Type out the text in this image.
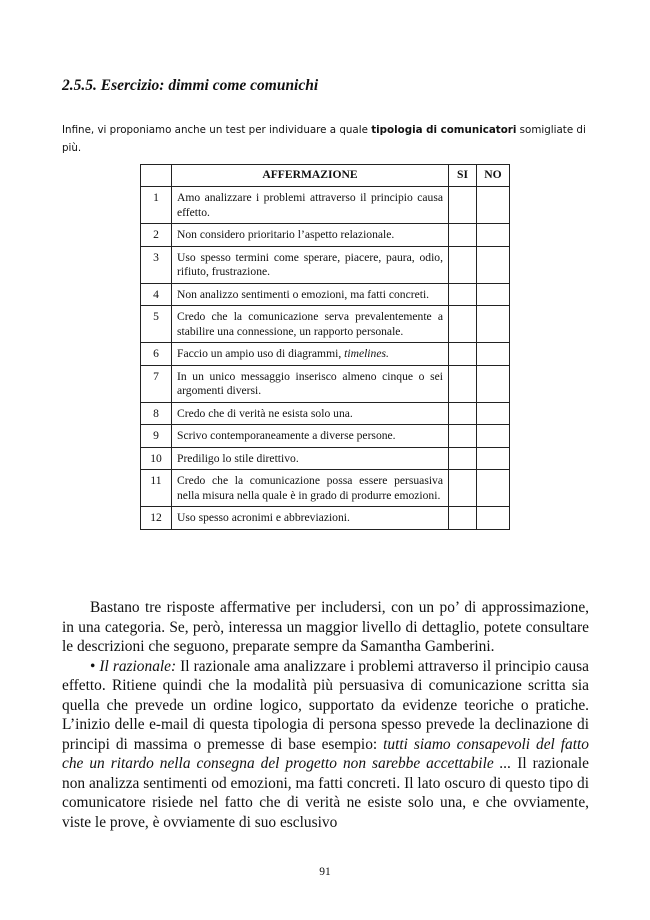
2.5.5. Esercizio: dimmi come comunichi

Infine, vi proponiamo anche un test per individuare a quale tipologia di comunicatori somigliate di più.

	AFFERMAZIONE	SI	NO
1	Amo analizzare i problemi attraverso il principio causa effetto.		
2	Non considero prioritario l’aspetto relazionale.		
3	Uso spesso termini come sperare, piacere, paura, odio, rifiuto, frustrazione.		
4	Non analizzo sentimenti o emozioni, ma fatti concreti.		
5	Credo che la comunicazione serva prevalentemente a stabilire una connessione, un rapporto personale.		
6	Faccio un ampio uso di diagrammi, timelines.		
7	In un unico messaggio inserisco almeno cinque o sei argomenti diversi.		
8	Credo che di verità ne esista solo una.		
9	Scrivo contemporaneamente a diverse persone.		
10	Prediligo lo stile direttivo.		
11	Credo che la comunicazione possa essere persuasiva nella misura nella quale è in grado di produrre emozioni.		
12	Uso spesso acronimi e abbreviazioni.		

Bastano tre risposte affermative per includersi, con un po’ di approssimazione, in una categoria. Se, però, interessa un maggior livello di dettaglio, potete consultare le descrizioni che seguono, preparate sempre da Samantha Gamberini.

• Il razionale: Il razionale ama analizzare i problemi attraverso il principio causa effetto. Ritiene quindi che la modalità più persuasiva di comunicazione scritta sia quella che prevede un ordine logico, supportato da evidenze teoriche o pratiche. L’inizio delle e-mail di questa tipologia di persona spesso prevede la declinazione di principi di massima o premesse di base esempio: tutti siamo consapevoli del fatto che un ritardo nella consegna del progetto non sarebbe accettabile ... Il razionale non analizza sentimenti od emozioni, ma fatti concreti. Il lato oscuro di questo tipo di comunicatore risiede nel fatto che di verità ne esiste solo una, e che ovviamente, viste le prove, è ovviamente di suo esclusivo

91
